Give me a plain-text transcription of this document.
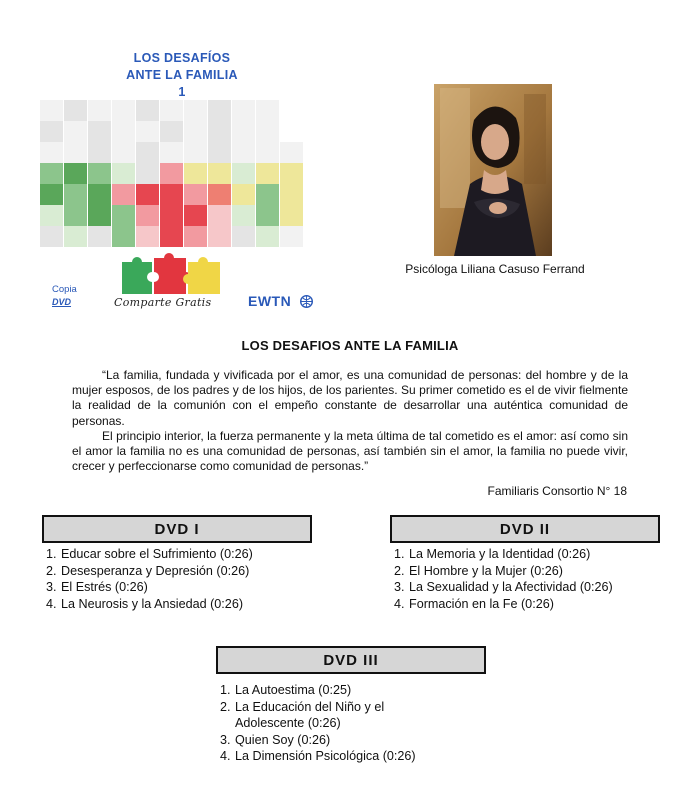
LOS DESAFÍOS
ANTE LA FAMILIA
1
Comparte Gratis
Copia
DVD	EWTN
Psicóloga Liliana Casuso Ferrand
LOS DESAFIOS ANTE LA FAMILIA

“La familia, fundada y vivificada por el amor, es una comunidad de personas: del hombre y de la mujer esposos, de los padres y de los hijos, de los parientes. Su primer cometido es el de vivir fielmente la realidad de la comunión con el empeño constante de desarrollar una auténtica comunidad de personas.

El principio interior, la fuerza permanente y la meta última de tal cometido es el amor: así como sin el amor la familia no es una comunidad de personas, así también sin el amor, la familia no puede vivir, crecer y perfeccionarse como comunidad de personas.”

Familiaris Consortio N° 18
DVD I
1. Educar sobre el Sufrimiento (0:26)
2. Desesperanza y Depresión (0:26)
3. El Estrés (0:26)
4. La Neurosis y la Ansiedad (0:26)
DVD II
1. La Memoria y la Identidad (0:26)
2. El Hombre y la Mujer (0:26)
3. La Sexualidad y la Afectividad (0:26)
4. Formación en la Fe (0:26)
DVD III
1. La Autoestima (0:25)
2. La Educación del Niño y el Adolescente (0:26)
3. Quien Soy (0:26)
4. La Dimensión Psicológica (0:26)
